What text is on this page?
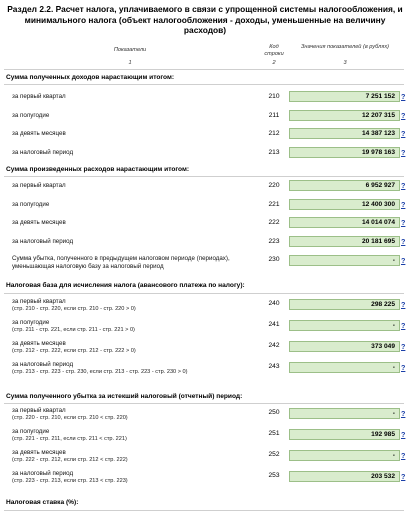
Раздел 2.2. Расчет налога, уплачиваемого в связи с упрощенной системы налогообложения, и минимального налога (объект налогообложения - доходы, уменьшенные на величину расходов)
Показатели
1
Код строки
2
Значения показателей (в рублях)
3
Сумма полученных доходов нарастающим итогом:
за первый квартал	210	7 251 152 ?
за полугодие	211	12 207 315 ?
за девять месяцев	212	14 387 123 ?
за налоговый период	213	19 978 163 ?
Сумма произведенных расходов нарастающим итогом:
за первый квартал	220	6 952 927 ?
за полугодие	221	12 400 300 ?
за девять месяцев	222	14 014 074 ?
за налоговый период	223	20 181 695 ?
Сумма убытка, полученного в предыдущем налоговом периоде (периодах), уменьшающая налоговую базу за налоговый период
230	- ?
Налоговая база для исчисления налога (авансового платежа по налогу):
за первый квартал
(стр. 210 - стр. 220, если стр. 210 - стр. 220 > 0)
240	298 225 ?
за полугодие
(стр. 211 - стр. 221, если стр. 211 - стр. 221 > 0)
241	- ?
за девять месяцев
(стр. 212 - стр. 222, если стр. 212 - стр. 222 > 0)
242	373 049 ?
за налоговый период
(стр. 213 - стр. 223 - стр. 230, если стр. 213 - стр. 223 - стр. 230 > 0)
243	- ?
Сумма полученного убытка за истекший налоговый (отчетный) период:
за первый квартал
(стр. 220 - стр. 210, если стр. 210 < стр. 220)
250	- ?
за полугодие
(стр. 221 - стр. 211, если стр. 211 < стр. 221)
251	192 985 ?
за девять месяцев
(стр. 222 - стр. 212, если стр. 212 < стр. 222)
252	- ?
за налоговый период
(стр. 223 - стр. 213, если стр. 213 < стр. 223)
253	203 532 ?
Налоговая ставка (%):
